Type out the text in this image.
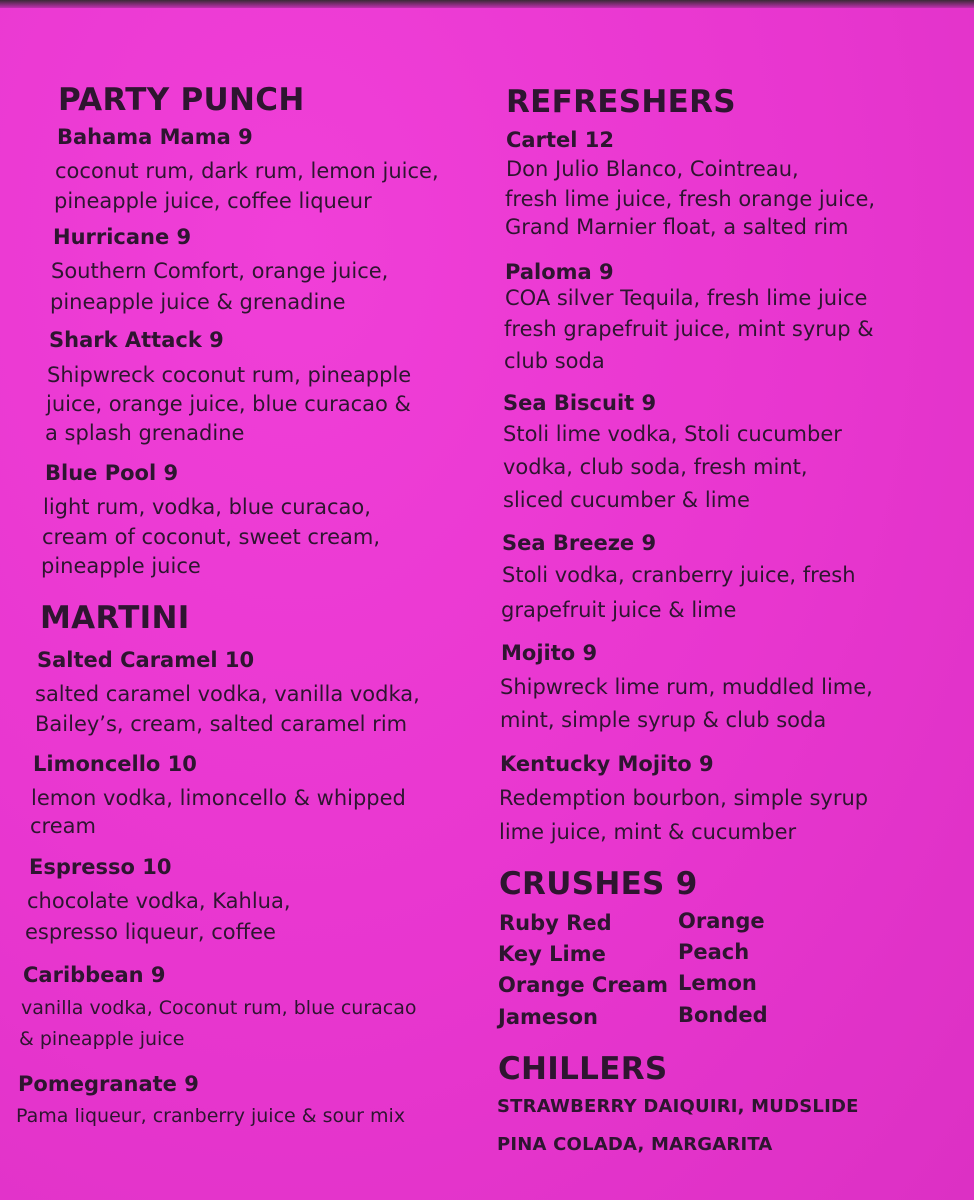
PARTY PUNCH
Bahama Mama 9
coconut rum, dark rum, lemon juice,
pineapple juice, coffee liqueur
Hurricane 9
Southern Comfort, orange juice,
pineapple juice & grenadine
Shark Attack 9
Shipwreck coconut rum, pineapple
juice, orange juice, blue curacao &
a splash grenadine
Blue Pool 9
light rum, vodka, blue curacao,
cream of coconut, sweet cream,
pineapple juice
MARTINI
Salted Caramel 10
salted caramel vodka, vanilla vodka,
Bailey’s, cream, salted caramel rim
Limoncello 10
lemon vodka, limoncello & whipped
cream
Espresso 10
chocolate vodka, Kahlua,
espresso liqueur, coffee
Caribbean 9
vanilla vodka, Coconut rum, blue curacao
& pineapple juice
Pomegranate 9
Pama liqueur, cranberry juice & sour mix
REFRESHERS
Cartel 12
Don Julio Blanco, Cointreau,
fresh lime juice, fresh orange juice,
Grand Marnier float, a salted rim
Paloma 9
COA silver Tequila, fresh lime juice
fresh grapefruit juice, mint syrup &
club soda
Sea Biscuit 9
Stoli lime vodka, Stoli cucumber
vodka, club soda, fresh mint,
sliced cucumber & lime
Sea Breeze 9
Stoli vodka, cranberry juice, fresh
grapefruit juice & lime
Mojito 9
Shipwreck lime rum, muddled lime,
mint, simple syrup & club soda
Kentucky Mojito 9
Redemption bourbon, simple syrup
lime juice, mint & cucumber
CRUSHES 9
Ruby Red
Key Lime
Orange Cream
Jameson
Orange
Peach
Lemon
Bonded
CHILLERS
STRAWBERRY DAIQUIRI, MUDSLIDE
PINA COLADA, MARGARITA
